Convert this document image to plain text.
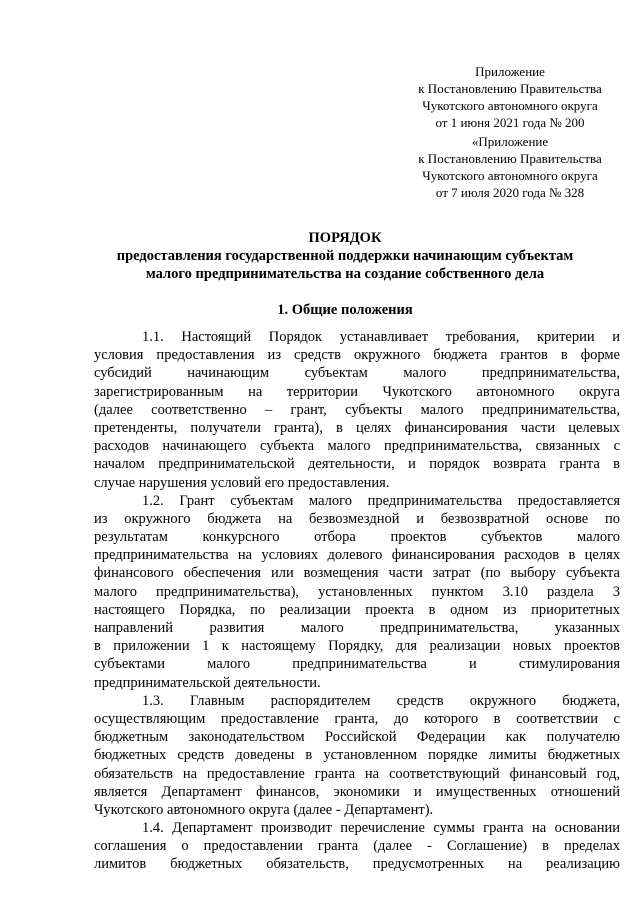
Приложение
к Постановлению Правительства
Чукотского автономного округа
от 1 июня 2021 года № 200
«Приложение
к Постановлению Правительства
Чукотского автономного округа
от 7 июля 2020 года № 328
ПОРЯДОК
предоставления государственной поддержки начинающим субъектам
малого предпринимательства на создание собственного дела
1. Общие положения
1.1. Настоящий Порядок устанавливает требования, критерии и
условия предоставления из средств окружного бюджета грантов в форме
субсидий начинающим субъектам малого предпринимательства,
зарегистрированным на территории Чукотского автономного округа
(далее соответственно – грант, субъекты малого предпринимательства,
претенденты, получатели гранта), в целях финансирования части целевых
расходов начинающего субъекта малого предпринимательства, связанных с
началом предпринимательской деятельности, и порядок возврата гранта в
случае нарушения условий его предоставления.
1.2. Грант субъектам малого предпринимательства предоставляется
из окружного бюджета на безвозмездной и безвозвратной основе по
результатам конкурсного отбора проектов субъектов малого
предпринимательства на условиях долевого финансирования расходов в целях
финансового обеспечения или возмещения части затрат (по выбору субъекта
малого предпринимательства), установленных пунктом 3.10 раздела 3
настоящего Порядка, по реализации проекта в одном из приоритетных
направлений развития малого предпринимательства, указанных
в приложении 1 к настоящему Порядку, для реализации новых проектов
субъектами малого предпринимательства и стимулирования
предпринимательской деятельности.
1.3. Главным распорядителем средств окружного бюджета,
осуществляющим предоставление гранта, до которого в соответствии с
бюджетным законодательством Российской Федерации как получателю
бюджетных средств доведены в установленном порядке лимиты бюджетных
обязательств на предоставление гранта на соответствующий финансовый год,
является Департамент финансов, экономики и имущественных отношений
Чукотского автономного округа (далее - Департамент).
1.4. Департамент производит перечисление суммы гранта на основании
соглашения о предоставлении гранта (далее - Соглашение) в пределах
лимитов бюджетных обязательств, предусмотренных на реализацию
